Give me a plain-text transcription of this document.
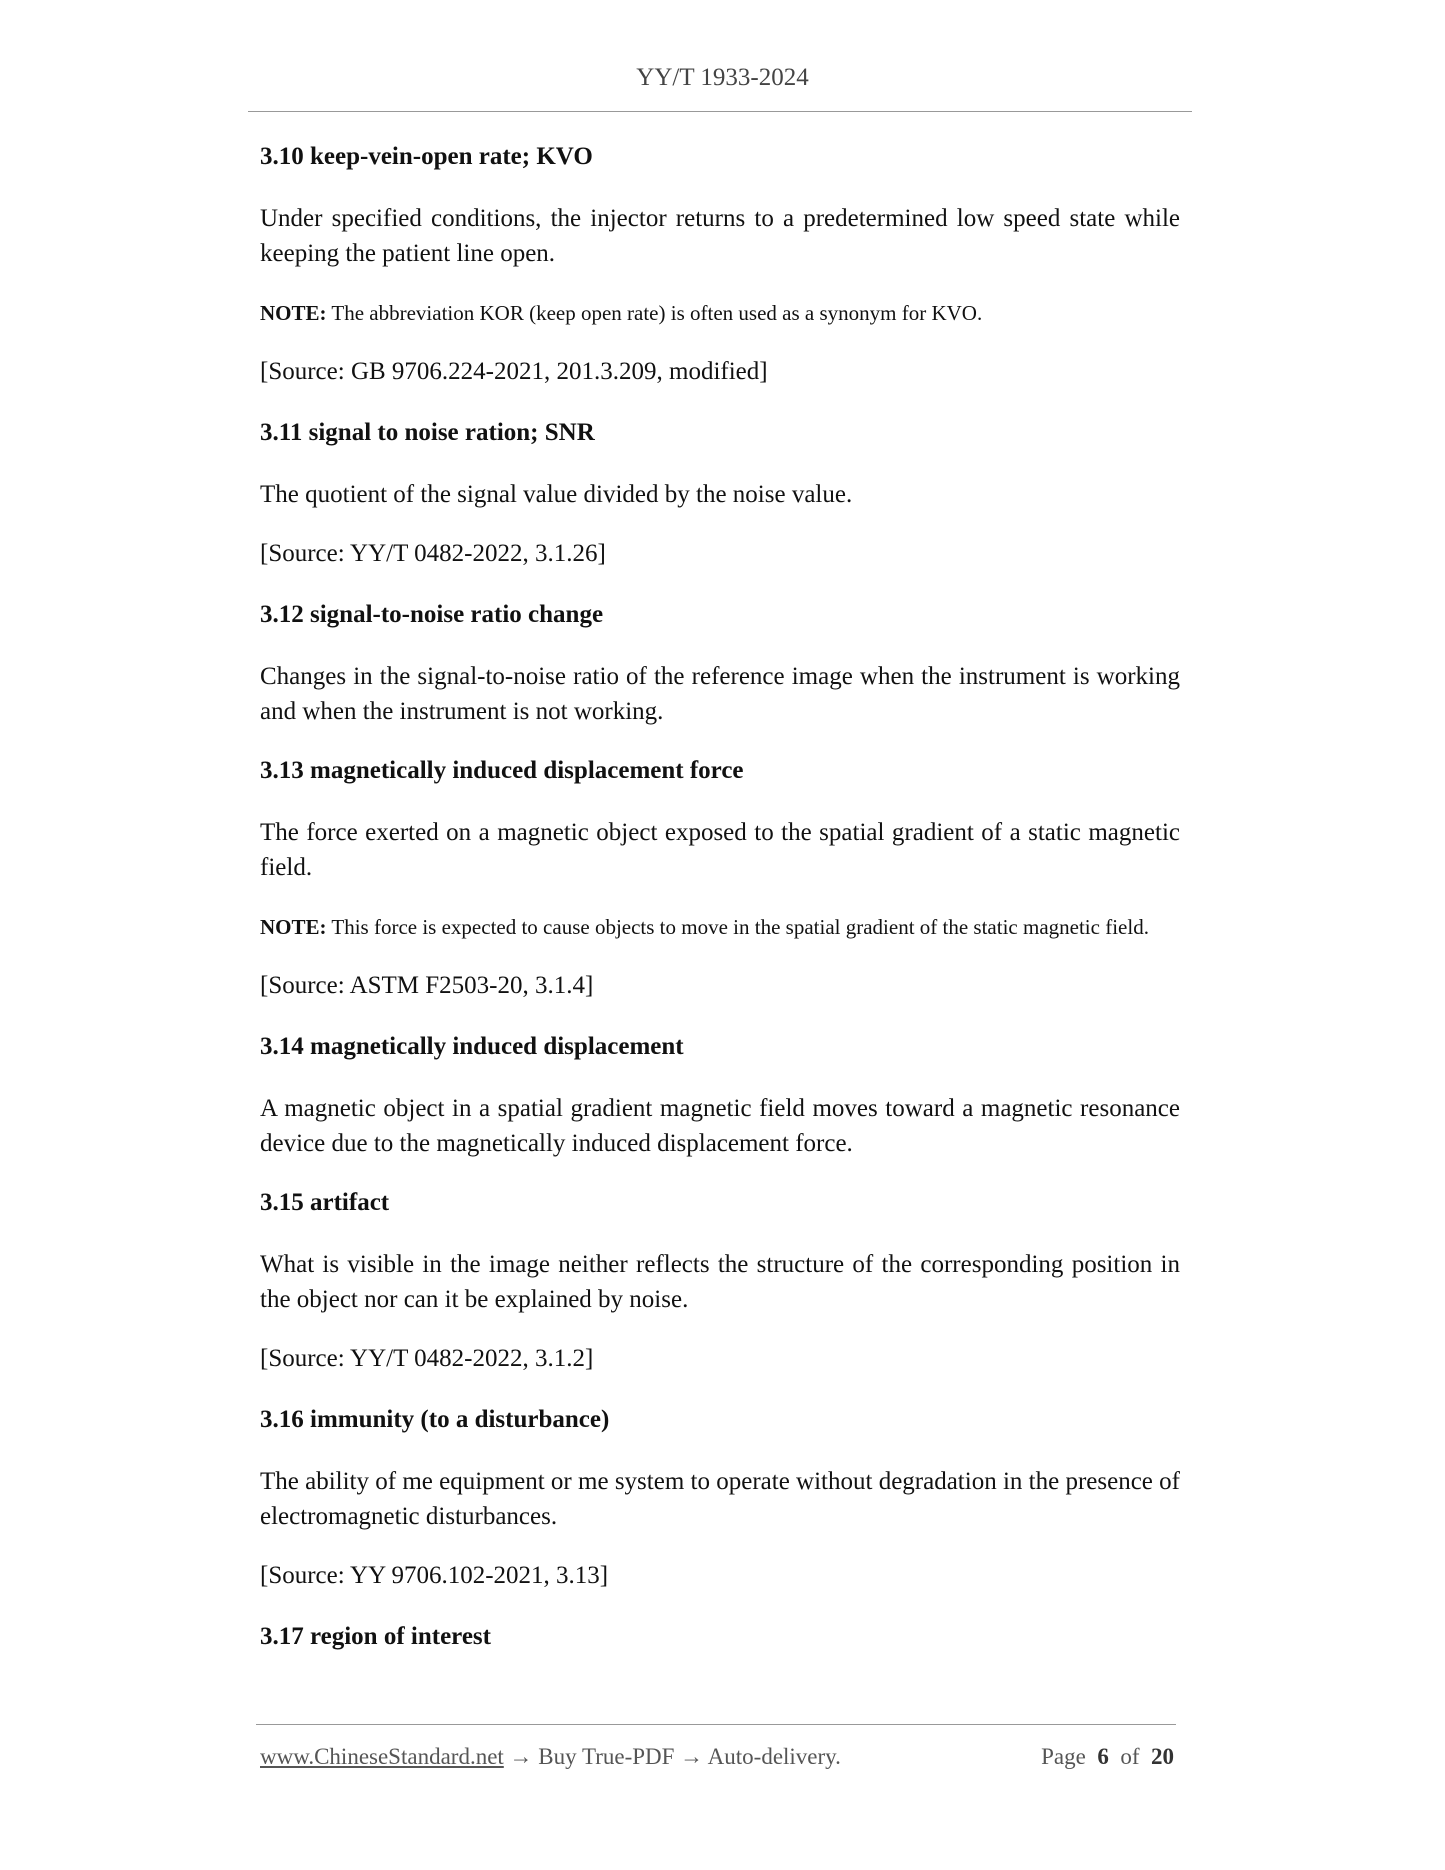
YY/T 1933-2024
3.10 keep-vein-open rate; KVO
Under specified conditions, the injector returns to a predetermined low speed state while keeping the patient line open.
NOTE: The abbreviation KOR (keep open rate) is often used as a synonym for KVO.
[Source: GB 9706.224-2021, 201.3.209, modified]
3.11 signal to noise ration; SNR
The quotient of the signal value divided by the noise value.
[Source: YY/T 0482-2022, 3.1.26]
3.12 signal-to-noise ratio change
Changes in the signal-to-noise ratio of the reference image when the instrument is working and when the instrument is not working.
3.13 magnetically induced displacement force
The force exerted on a magnetic object exposed to the spatial gradient of a static magnetic field.
NOTE: This force is expected to cause objects to move in the spatial gradient of the static magnetic field.
[Source: ASTM F2503-20, 3.1.4]
3.14 magnetically induced displacement
A magnetic object in a spatial gradient magnetic field moves toward a magnetic resonance device due to the magnetically induced displacement force.
3.15 artifact
What is visible in the image neither reflects the structure of the corresponding position in the object nor can it be explained by noise.
[Source: YY/T 0482-2022, 3.1.2]
3.16 immunity (to a disturbance)
The ability of me equipment or me system to operate without degradation in the presence of electromagnetic disturbances.
[Source: YY 9706.102-2021, 3.13]
3.17 region of interest
www.ChineseStandard.net → Buy True-PDF → Auto-delivery.	Page 6 of 20
